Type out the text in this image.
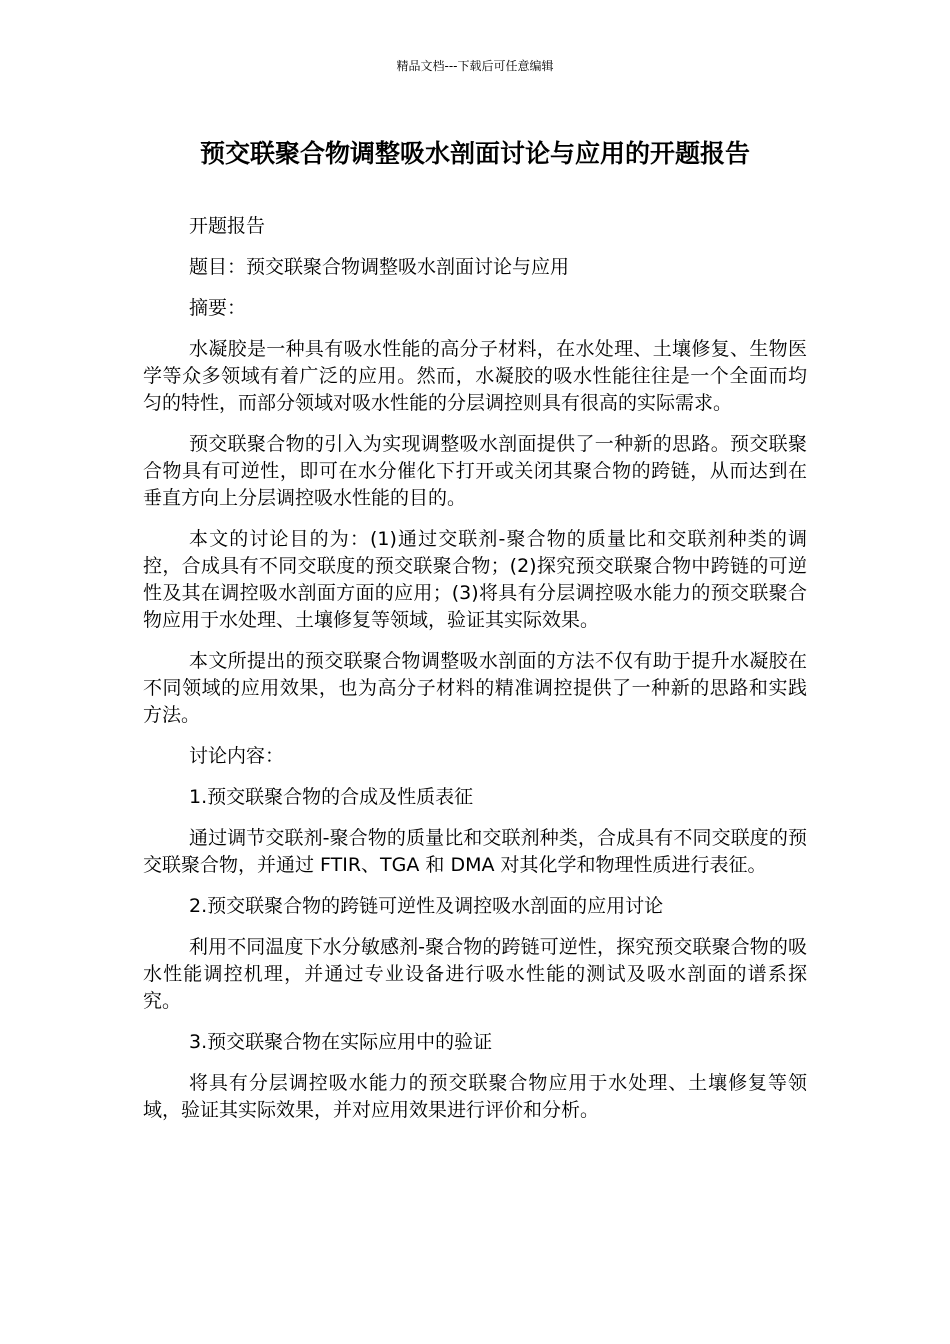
精品文档---下载后可任意编辑
预交联聚合物调整吸水剖面讨论与应用的开题报告

开题报告

题目：预交联聚合物调整吸水剖面讨论与应用

摘要：

水凝胶是一种具有吸水性能的高分子材料，在水处理、土壤修复、生物医学等众多领域有着广泛的应用。然而，水凝胶的吸水性能往往是一个全面而均匀的特性，而部分领域对吸水性能的分层调控则具有很高的实际需求。

预交联聚合物的引入为实现调整吸水剖面提供了一种新的思路。预交联聚合物具有可逆性，即可在水分催化下打开或关闭其聚合物的跨链，从而达到在垂直方向上分层调控吸水性能的目的。

本文的讨论目的为：(1)通过交联剂-聚合物的质量比和交联剂种类的调控，合成具有不同交联度的预交联聚合物；(2)探究预交联聚合物中跨链的可逆性及其在调控吸水剖面方面的应用；(3)将具有分层调控吸水能力的预交联聚合物应用于水处理、土壤修复等领域，验证其实际效果。

本文所提出的预交联聚合物调整吸水剖面的方法不仅有助于提升水凝胶在不同领域的应用效果，也为高分子材料的精准调控提供了一种新的思路和实践方法。

讨论内容：

1.预交联聚合物的合成及性质表征

通过调节交联剂-聚合物的质量比和交联剂种类，合成具有不同交联度的预交联聚合物，并通过 FTIR、TGA 和 DMA 对其化学和物理性质进行表征。

2.预交联聚合物的跨链可逆性及调控吸水剖面的应用讨论

利用不同温度下水分敏感剂-聚合物的跨链可逆性，探究预交联聚合物的吸水性能调控机理，并通过专业设备进行吸水性能的测试及吸水剖面的谱系探究。

3.预交联聚合物在实际应用中的验证

将具有分层调控吸水能力的预交联聚合物应用于水处理、土壤修复等领域，验证其实际效果，并对应用效果进行评价和分析。
